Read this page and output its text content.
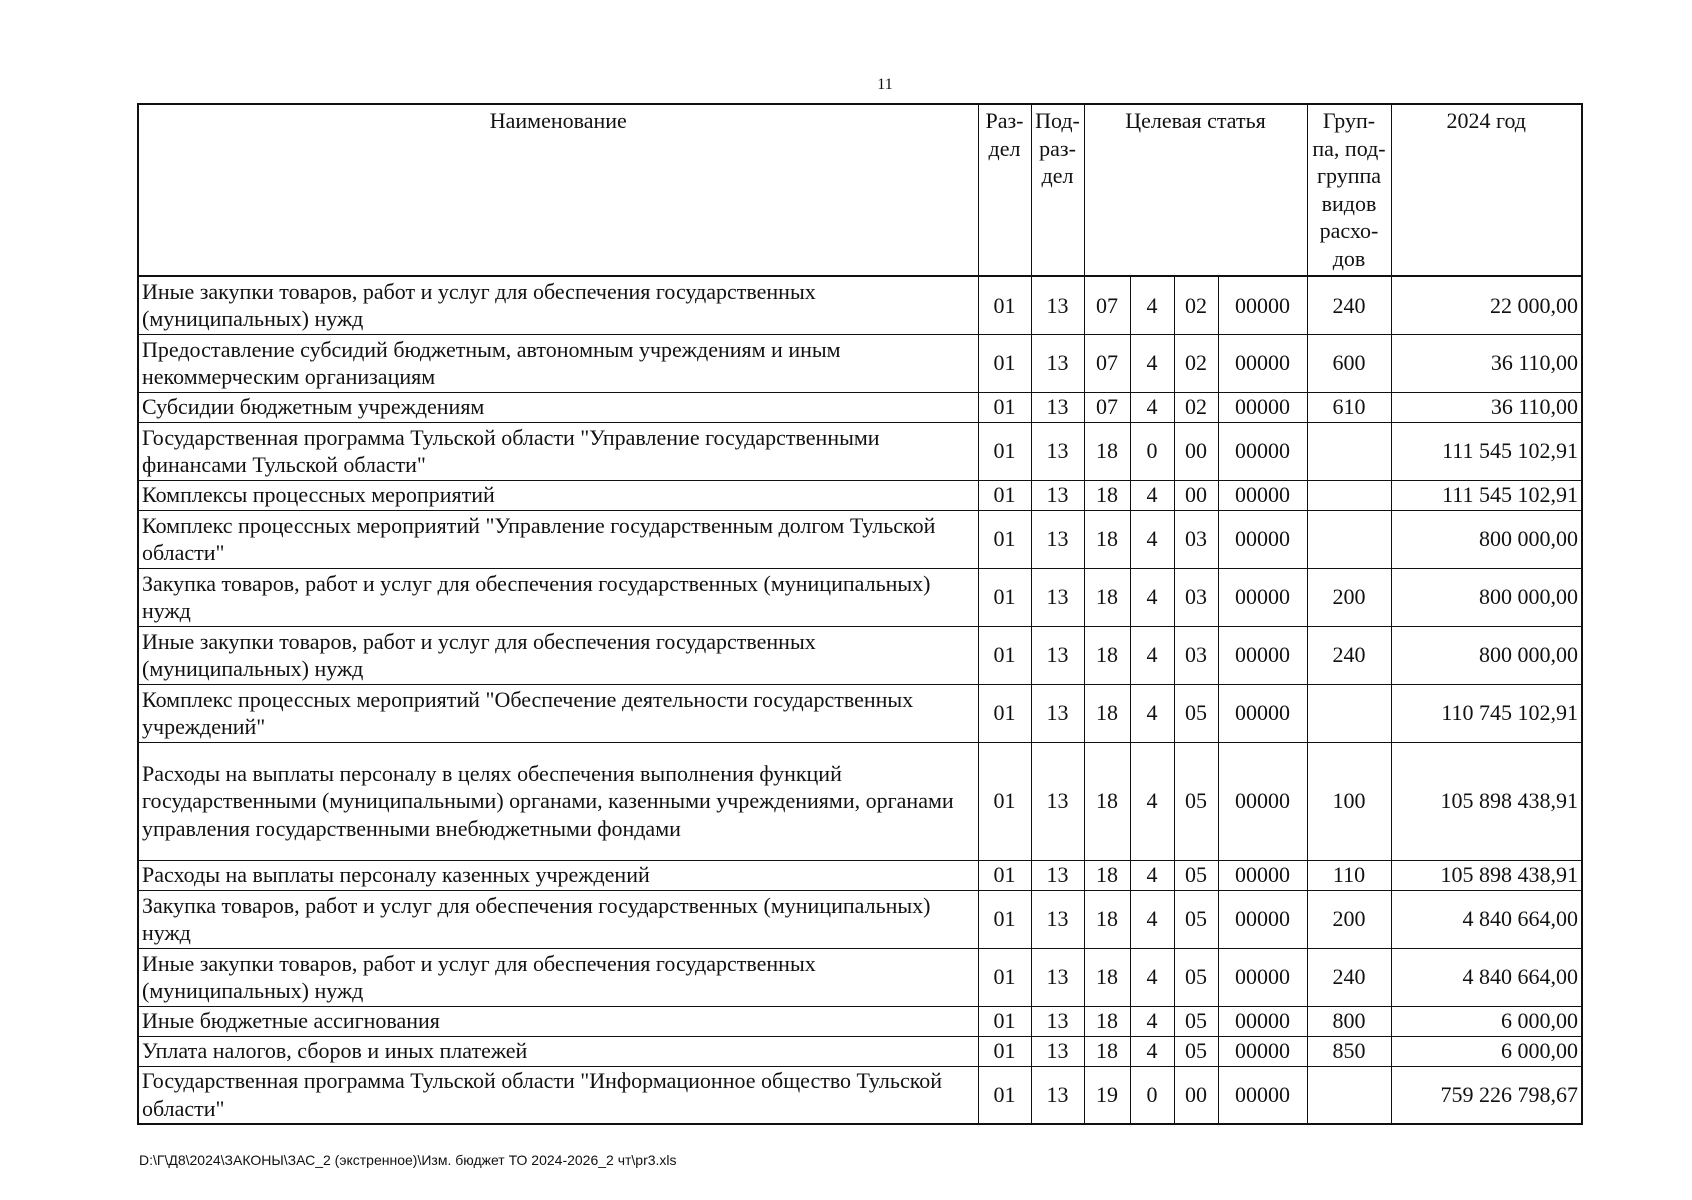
11
Наименование	Раз-дел	Под-раз-дел	Целевая статья				Груп-па, под-группа видов расхо-дов	2024 год
Иные закупки товаров, работ и услуг для обеспечения государственных (муниципальных) нужд	01	13	07	4	02	00000	240	22 000,00
Предоставление субсидий бюджетным, автономным учреждениям и иным некоммерческим организациям	01	13	07	4	02	00000	600	36 110,00
Субсидии бюджетным учреждениям	01	13	07	4	02	00000	610	36 110,00
Государственная программа Тульской области "Управление государственными финансами Тульской области"	01	13	18	0	00	00000		111 545 102,91
Комплексы процессных мероприятий	01	13	18	4	00	00000		111 545 102,91
Комплекс процессных мероприятий "Управление государственным долгом Тульской области"	01	13	18	4	03	00000		800 000,00
Закупка товаров, работ и услуг для обеспечения государственных (муниципальных) нужд	01	13	18	4	03	00000	200	800 000,00
Иные закупки товаров, работ и услуг для обеспечения государственных (муниципальных) нужд	01	13	18	4	03	00000	240	800 000,00
Комплекс процессных мероприятий "Обеспечение деятельности государственных учреждений"	01	13	18	4	05	00000		110 745 102,91
Расходы на выплаты персоналу в целях обеспечения выполнения функций государственными (муниципальными) органами, казенными учреждениями, органами управления государственными внебюджетными фондами	01	13	18	4	05	00000	100	105 898 438,91
Расходы на выплаты персоналу казенных учреждений	01	13	18	4	05	00000	110	105 898 438,91
Закупка товаров, работ и услуг для обеспечения государственных (муниципальных) нужд	01	13	18	4	05	00000	200	4 840 664,00
Иные закупки товаров, работ и услуг для обеспечения государственных (муниципальных) нужд	01	13	18	4	05	00000	240	4 840 664,00
Иные бюджетные ассигнования	01	13	18	4	05	00000	800	6 000,00
Уплата налогов, сборов и иных платежей	01	13	18	4	05	00000	850	6 000,00
Государственная программа Тульской области "Информационное общество Тульской области"	01	13	19	0	00	00000		759 226 798,67
D:\Г\Д8\2024\ЗАКОНЫ\ЗАС_2 (экстренное)\Изм. бюджет ТО 2024-2026_2 чт\pr3.xls
